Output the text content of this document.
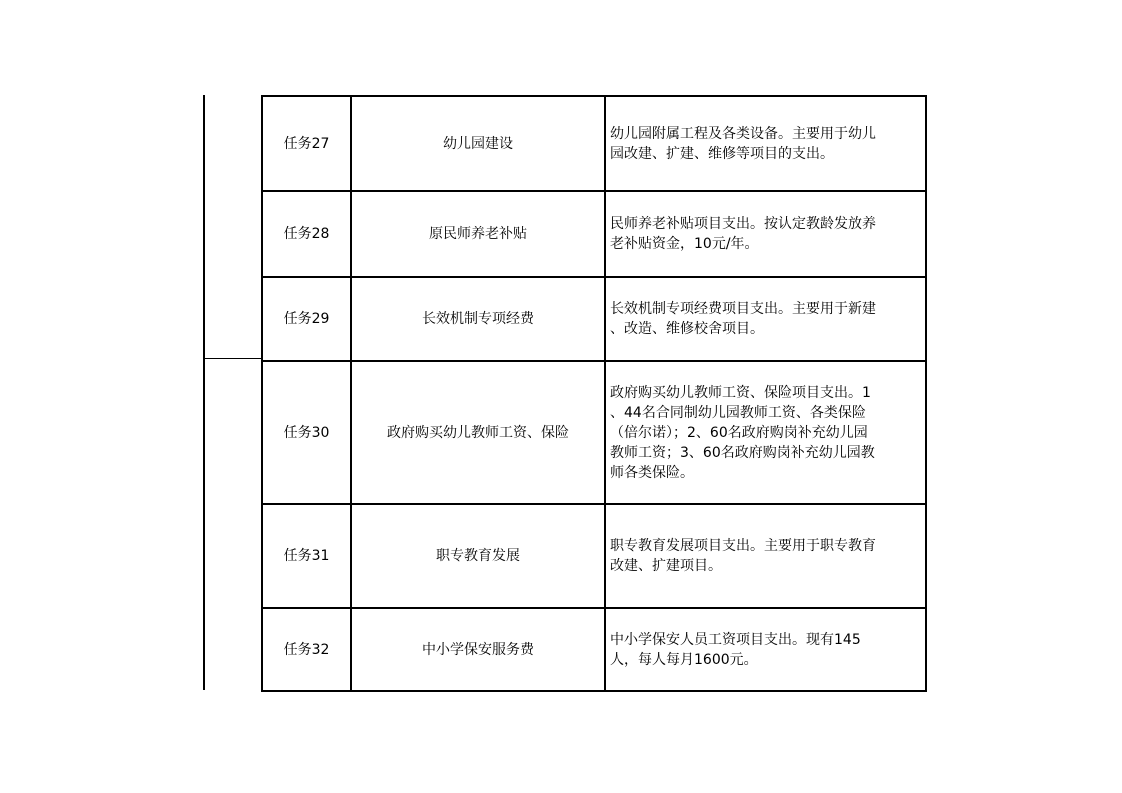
任务27	幼儿园建设	幼儿园附属工程及各类设备。主要用于幼儿
园改建、扩建、维修等项目的支出。

任务28	原民师养老补贴	民师养老补贴项目支出。按认定教龄发放养
老补贴资金，10元/年。

任务29	长效机制专项经费	长效机制专项经费项目支出。主要用于新建
、改造、维修校舍项目。

任务30	政府购买幼儿教师工资、保险	政府购买幼儿教师工资、保险项目支出。1
、44名合同制幼儿园教师工资、各类保险
（倍尔诺）；2、60名政府购岗补充幼儿园
教师工资；3、60名政府购岗补充幼儿园教
师各类保险。

任务31	职专教育发展	职专教育发展项目支出。主要用于职专教育
改建、扩建项目。

任务32	中小学保安服务费	中小学保安人员工资项目支出。现有145
人，每人每月1600元。
